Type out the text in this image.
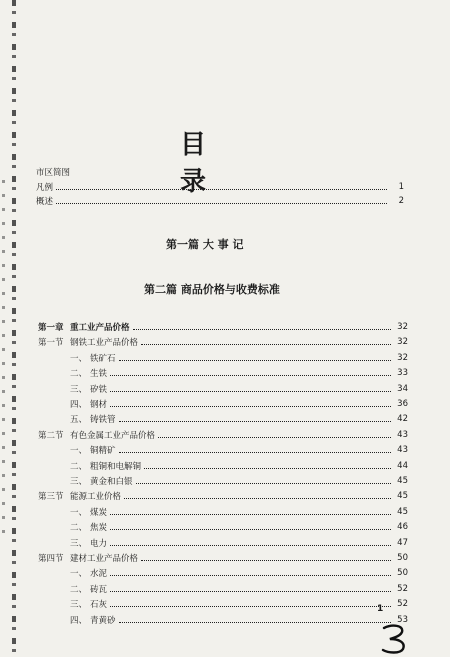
目 录
市区简图
凡例	1
概述	2
第一篇 大 事 记
第二篇 商品价格与收费标准
第一章 重工业产品价格	32
第一节 钢铁工业产品价格	32
一、 铁矿石	32
二、 生铁	33
三、 矽铁	34
四、 钢材	36
五、 铸铁管	42
第二节 有色金属工业产品价格	43
一、 铜精矿	43
二、 粗铜和电解铜	44
三、 黄金和白银	45
第三节 能源工业价格	45
一、 煤炭	45
二、 焦炭	46
三、 电力	47
第四节 建材工业产品价格	50
一、 水泥	50
二、 砖瓦	52
三、 石灰	52
四、 青黄砂	53
1
